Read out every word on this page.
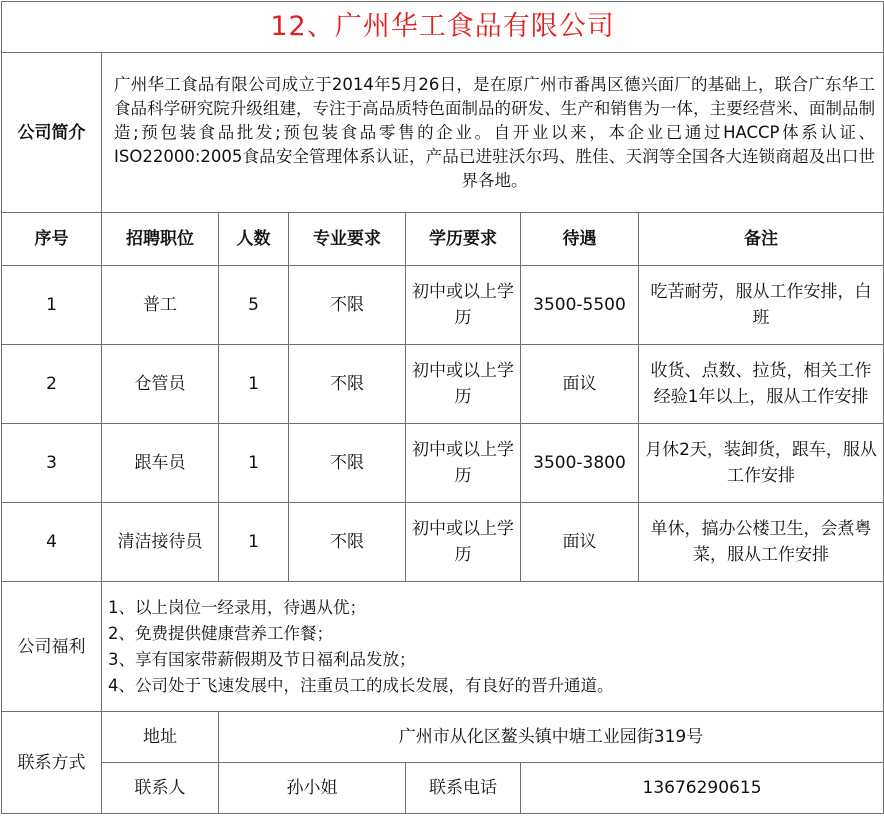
12、广州华工食品有限公司						
公司简介	广州华工食品有限公司成立于2014年5月26日，是在原广州市番禺区德兴面厂的基础上，联合广东华工食品科学研究院升级组建，专注于高品质特色面制品的研发、生产和销售为一体，主要经营米、面制品制造;预包装食品批发;预包装食品零售的企业。自开业以来，本企业已通过HACCP体系认证、ISO22000:2005食品安全管理体系认证，产品已进驻沃尔玛、胜佳、天润等全国各大连锁商超及出口世界各地。					
序号	招聘职位	人数	专业要求	学历要求	待遇	备注
1	普工	5	不限	初中或以上学历	3500-5500	吃苦耐劳，服从工作安排，白班
2	仓管员	1	不限	初中或以上学历	面议	收货、点数、拉货，相关工作经验1年以上，服从工作安排
3	跟车员	1	不限	初中或以上学历	3500-3800	月休2天，装卸货，跟车，服从工作安排
4	清洁接待员	1	不限	初中或以上学历	面议	单休，搞办公楼卫生，会煮粤菜，服从工作安排
公司福利	1、以上岗位一经录用，待遇从优；
2、免费提供健康营养工作餐；
3、享有国家带薪假期及节日福利品发放；
4、公司处于飞速发展中，注重员工的成长发展，有良好的晋升通道。					

联系方式	地址	广州市从化区鳌头镇中塘工业园街319号				
	联系人	孙小姐		联系电话	13676290615	
